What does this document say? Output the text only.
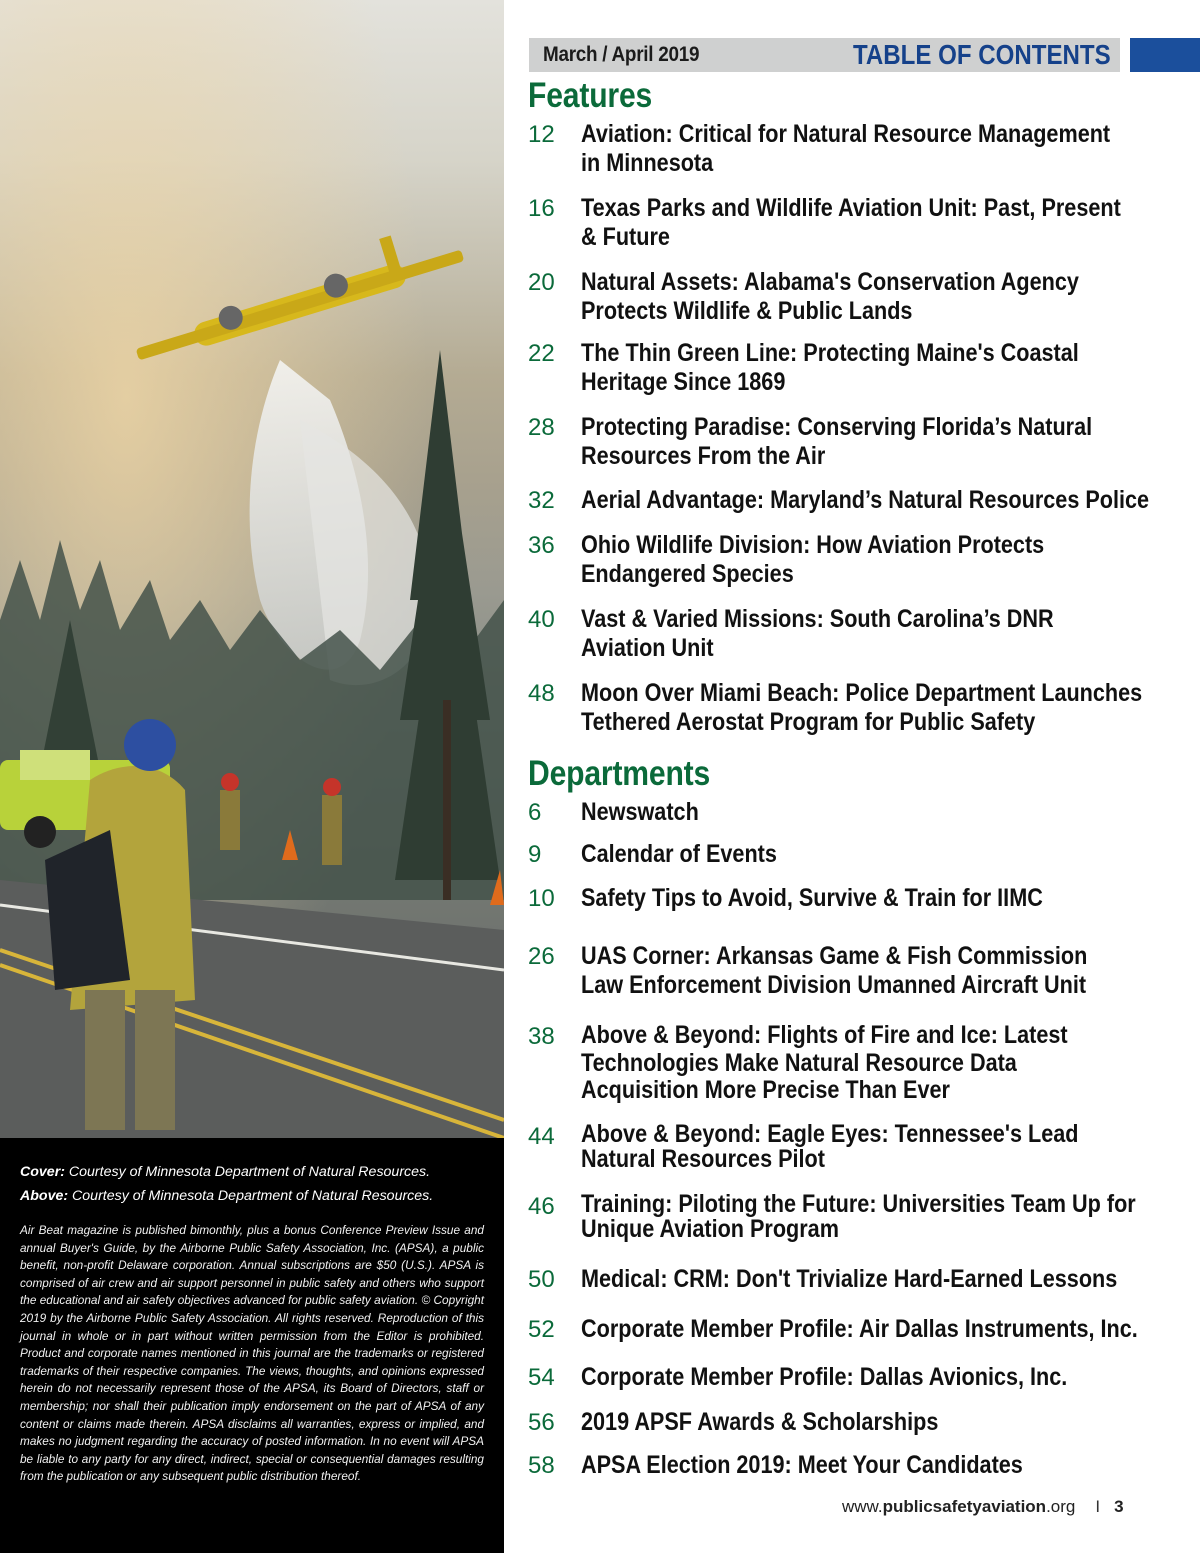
Cover: Courtesy of Minnesota Department of Natural Resources.
Above: Courtesy of Minnesota Department of Natural Resources.

Air Beat magazine is published bimonthly, plus a bonus Conference Preview Issue and annual Buyer's Guide, by the Airborne Public Safety Association, Inc. (APSA), a public benefit, non-profit Delaware corporation. Annual subscriptions are $50 (U.S.). APSA is comprised of air crew and air support personnel in public safety and others who support the educational and air safety objectives advanced for public safety aviation. © Copyright 2019 by the Airborne Public Safety Association. All rights reserved. Reproduction of this journal in whole or in part without written permission from the Editor is prohibited. Product and corporate names mentioned in this journal are the trademarks or registered trademarks of their respective companies. The views, thoughts, and opinions expressed herein do not necessarily represent those of the APSA, its Board of Directors, staff or membership; nor shall their publication imply endorsement on the part of APSA of any content or claims made therein. APSA disclaims all warranties, express or implied, and makes no judgment regarding the accuracy of posted information. In no event will APSA be liable to any party for any direct, indirect, special or consequential damages resulting from the publication or any subsequent public distribution thereof.

March / April 2019	TABLE OF CONTENTS
Features
12 Aviation: Critical for Natural Resource Management
in Minnesota
16 Texas Parks and Wildlife Aviation Unit: Past, Present
& Future
20 Natural Assets: Alabama's Conservation Agency
Protects Wildlife & Public Lands
22 The Thin Green Line: Protecting Maine's Coastal
Heritage Since 1869
28 Protecting Paradise: Conserving Florida’s Natural
Resources From the Air
32 Aerial Advantage: Maryland’s Natural Resources Police
36 Ohio Wildlife Division: How Aviation Protects
Endangered Species
40 Vast & Varied Missions: South Carolina’s DNR
Aviation Unit
48 Moon Over Miami Beach: Police Department Launches
Tethered Aerostat Program for Public Safety
Departments
6 Newswatch
9 Calendar of Events
10 Safety Tips to Avoid, Survive & Train for IIMC
26 UAS Corner: Arkansas Game & Fish Commission
Law Enforcement Division Umanned Aircraft Unit
38 Above & Beyond: Flights of Fire and Ice: Latest
Technologies Make Natural Resource Data
Acquisition More Precise Than Ever
44 Above & Beyond: Eagle Eyes: Tennessee's Lead
Natural Resources Pilot
46 Training: Piloting the Future: Universities Team Up for
Unique Aviation Program
50 Medical: CRM: Don't Trivialize Hard-Earned Lessons
52 Corporate Member Profile: Air Dallas Instruments, Inc.
54 Corporate Member Profile: Dallas Avionics, Inc.
56 2019 APSF Awards & Scholarships
58 APSA Election 2019: Meet Your Candidates
www.publicsafetyaviation.org I 3
